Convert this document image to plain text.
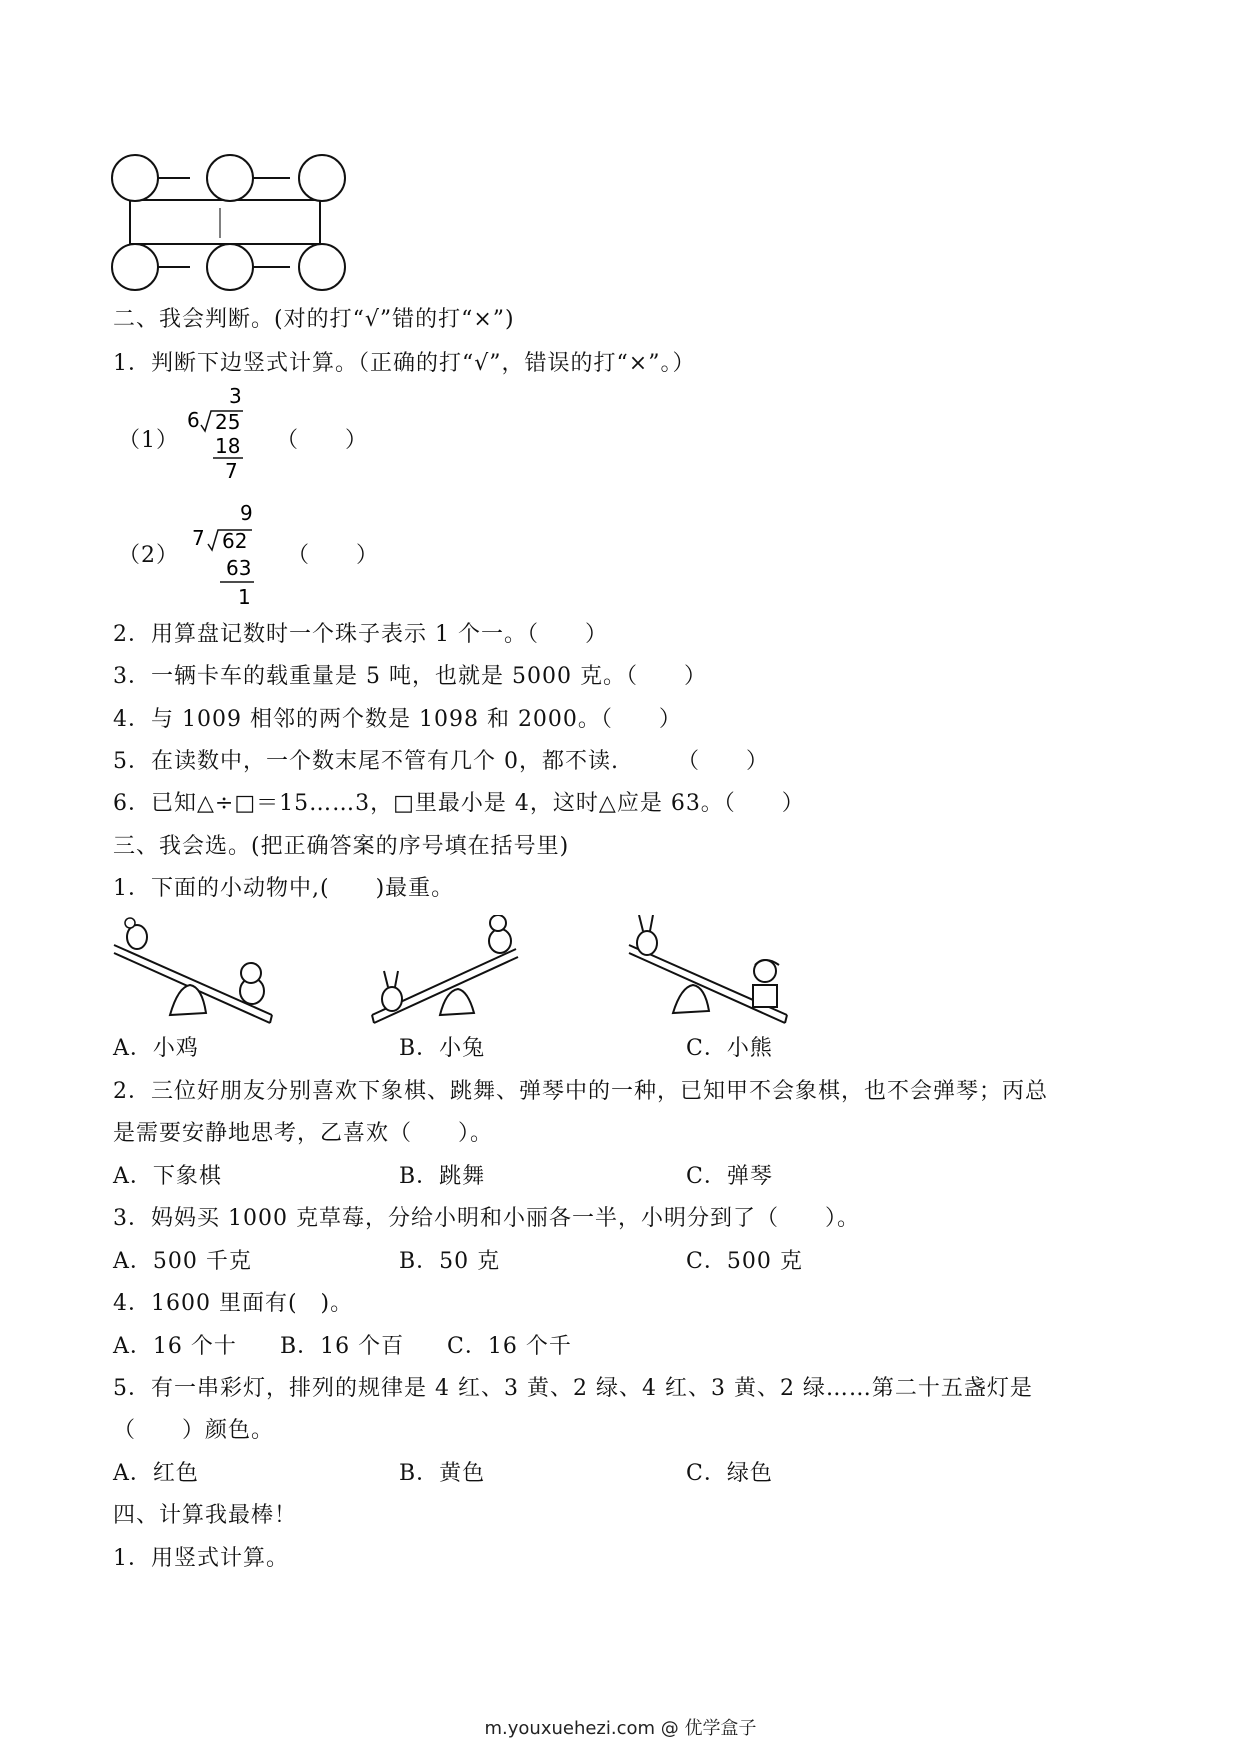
二、我会判断。(对的打“√”错的打“×”)
1．判断下边竖式计算。（正确的打“√”，错误的打“×”。）
（1）
3
6 25
18
7
（　　）
（2）
9
7 62
63
1
（　　）
2．用算盘记数时一个珠子表示 1 个一。（　　）
3．一辆卡车的载重量是 5 吨，也就是 5000 克。（　　）
4．与 1009 相邻的两个数是 1098 和 2000。（　　）
5．在读数中，一个数末尾不管有几个 0，都不读.　　　（　　）
6．已知△÷□＝15……3，□里最小是 4，这时△应是 63。（　　）
三、我会选。(把正确答案的序号填在括号里)
1．下面的小动物中,(　　)最重。
A．小鸡	B．小兔	C．小熊
2．三位好朋友分别喜欢下象棋、跳舞、弹琴中的一种，已知甲不会象棋，也不会弹琴；丙总
是需要安静地思考，乙喜欢（　　）。
A．下象棋	B．跳舞	C．弹琴
3．妈妈买 1000 克草莓，分给小明和小丽各一半，小明分到了（　　）。
A．500 千克	B．50 克	C．500 克
4．1600 里面有(　)。
A．16 个十 B．16 个百 C．16 个千
5．有一串彩灯，排列的规律是 4 红、3 黄、2 绿、4 红、3 黄、2 绿……第二十五盏灯是
（　　）颜色。
A．红色	B．黄色	C．绿色
四、计算我最棒！
1．用竖式计算。
m.youxuehezi.com @ 优学盒子
